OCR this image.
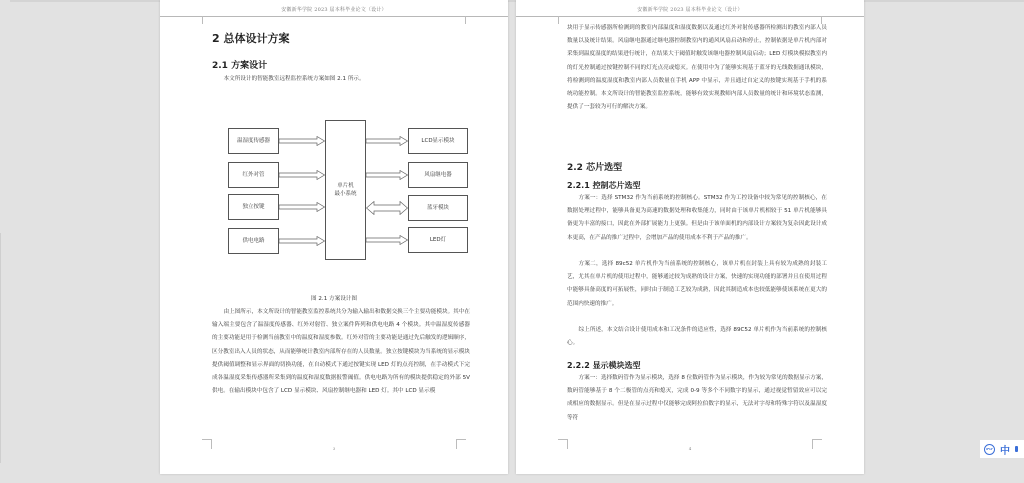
安徽新华学院 2023 届本科毕业论文（设计）
2 总体设计方案
2.1 方案设计
本文所设计的智能教室远程监控系统方案如图 2.1 所示。
温湿度传感器
红外对管
独立按键
供电电路
单片机
最小系统
LCD显示模块
风扇继电器
蓝牙模块
LED灯
图 2.1 方案设计图
由上图所示，本文所设计的智能教室监控系统共分为输入输出和数据交换三个主要功能模块。其中在输入端主要包含了温湿度传感器、红外对射管、独立案件阵列和供电电路 4 个模块。其中温湿度传感器的主要功能是用于检测当前教室中的温度和湿度参数。红外对管的主要功能是通过先后触发的逻辑顺序，区分教室出入人员的状态，从而能够统计教室内部所存在的人员数量。独立按键模块为当系统的显示模块提供阈值调整和显示界面的切换功能，在自动模式下通过按键实现 LED 灯的点亮控制，在手动模式下完成各温湿度采集传感器所采集到的温度和湿度数据报警阈值。供电电路为所有的模块提供稳定的外部 5V 供电。在输出模块中包含了 LCD 显示模块、风扇控制继电器和 LED 灯。其中 LCD 显示模
3
安徽新华学院 2023 届本科毕业论文（设计）
块用于显示传感器所检测到的教室内部温度和湿度数据以及通过红外对射传感器所检测出的教室内部人员数量以及统计结果。风扇继电器通过继电器控制教室内的通风风扇启动和停止，控制依据是单片机内部对采集到温度湿度的结果进行统计，在结果大于阈值时触发该继电器控制风扇启动；LED 灯模块模拟教室内的灯光控制通过按键控制不同的灯光点亮或熄灭。在使用中为了能够实现基于蓝牙的无线数据通讯模块，将检测到的温度湿度和教室内部人员数量在手机 APP 中显示，并且通过自定义的按键实现基于手机的系统功能控制。本文所设计的智能教室监控系统，能够有效实现教师内部人员数量的统计和环境状态监测，提供了一套较为可行的解决方案。
2.2 芯片选型
2.2.1 控制芯片选型
方案一：选择 STM32 作为当前系统的控制核心。STM32 作为工控设备中较为常见的控制核心，在数据处理过程中，能够具备更为高速的数据处理和收集能力，同时由于该单片机相较于 51 单片机能够具备更为丰富的接口，因此在外部扩展能力上更强。但是由于该单面机的内部设计方案较为复杂因此设计成本更高，在产品的推广过程中，会增加产品的使用成本不利于产品的推广。
方案二，选择 89c52 单片机作为当前系统的控制核心，该单片机在封装上具有较为成熟的封装工艺，尤其在单片机的使用过程中，能够通过较为成熟的设计方案，快速的实现功能的部署并且在使用过程中能够具备高度的可拓展性，同时由于制造工艺较为成熟，因此其制造成本也较低能够使该系统在更大的范围内快速的推广。
综上所述，本文结合设计使用成本和工况条件的适应性，选择 89C52 单片机作为当前系统的控制核心。
2.2.2 显示模块选型
方案一：选择数码管作为显示模块，选择 8 位数码管作为显示模块，作为较为常见的数据显示方案，数码管能够基于 8 个二极管的点亮和熄灭，完成 0-9 等多个不同数字的显示，通过视觉暂留效应可以完成相应的数据显示。但是在显示过程中仅能够完成阿拉伯数字的显示，无法对字母和特殊字符以及温湿度等符
4	iFLY 中
